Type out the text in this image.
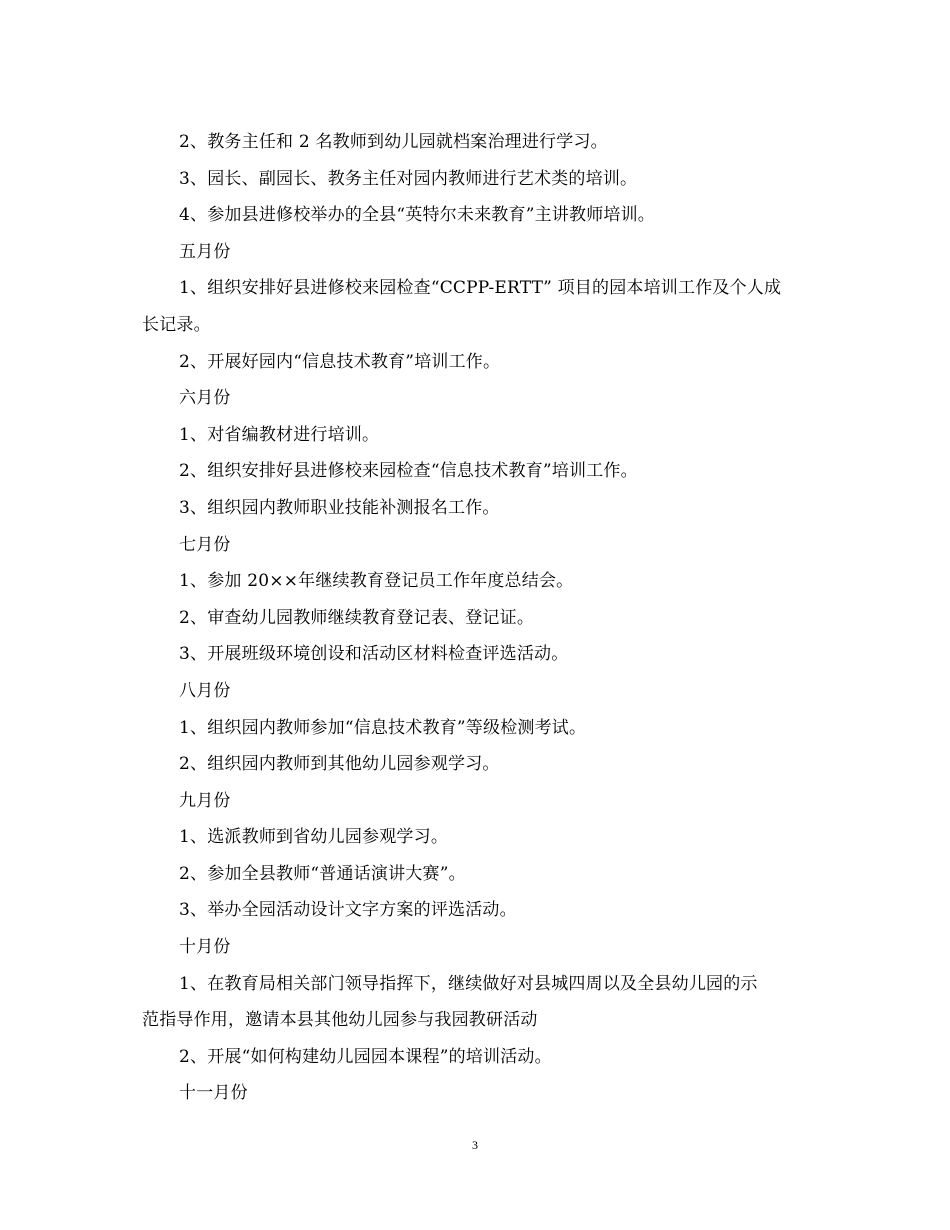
2、教务主任和 2 名教师到幼儿园就档案治理进行学习。
3、园长、副园长、教务主任对园内教师进行艺术类的培训。
4、参加县进修校举办的全县“英特尔未来教育”主讲教师培训。
五月份
1、组织安排好县进修校来园检查“CCPP-ERTT” 项目的园本培训工作及个人成
长记录。
2、开展好园内“信息技术教育”培训工作。
六月份
1、对省编教材进行培训。
2、组织安排好县进修校来园检查“信息技术教育”培训工作。
3、组织园内教师职业技能补测报名工作。
七月份
1、参加 20××年继续教育登记员工作年度总结会。
2、审查幼儿园教师继续教育登记表、登记证。
3、开展班级环境创设和活动区材料检查评选活动。
八月份
1、组织园内教师参加“信息技术教育”等级检测考试。
2、组织园内教师到其他幼儿园参观学习。
九月份
1、选派教师到省幼儿园参观学习。
2、参加全县教师“普通话演讲大赛”。
3、举办全园活动设计文字方案的评选活动。
十月份
1、在教育局相关部门领导指挥下，继续做好对县城四周以及全县幼儿园的示
范指导作用，邀请本县其他幼儿园参与我园教研活动
2、开展“如何构建幼儿园园本课程”的培训活动。
十一月份
3
